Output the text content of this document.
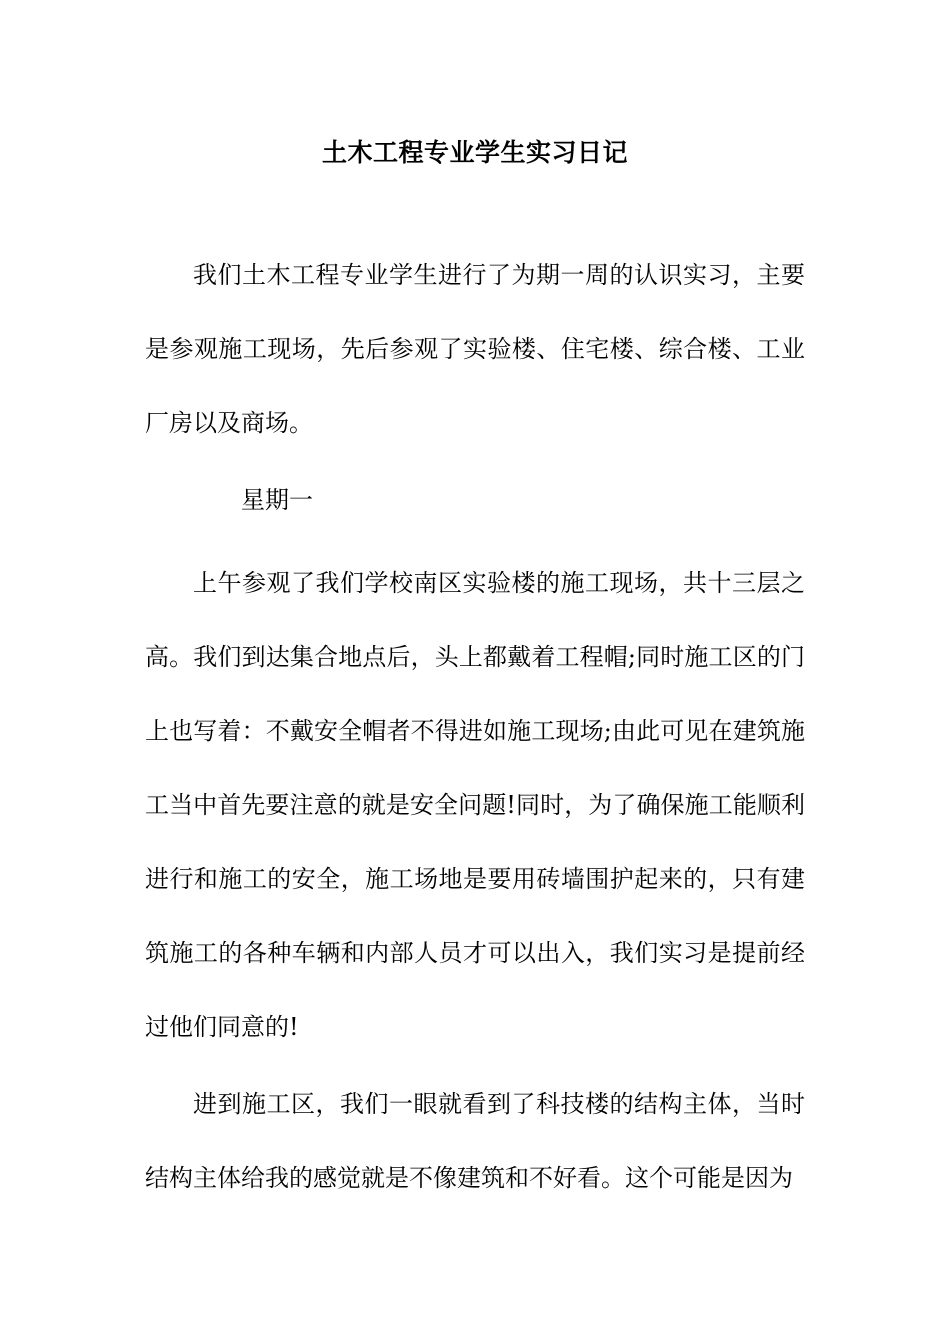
土木工程专业学生实习日记

我们土木工程专业学生进行了为期一周的认识实习，主要是参观施工现场，先后参观了实验楼、住宅楼、综合楼、工业厂房以及商场。

星期一

上午参观了我们学校南区实验楼的施工现场，共十三层之高。我们到达集合地点后，头上都戴着工程帽;同时施工区的门上也写着：不戴安全帽者不得进如施工现场;由此可见在建筑施工当中首先要注意的就是安全问题!同时，为了确保施工能顺利进行和施工的安全，施工场地是要用砖墙围护起来的，只有建筑施工的各种车辆和内部人员才可以出入，我们实习是提前经过他们同意的!

进到施工区，我们一眼就看到了科技楼的结构主体，当时结构主体给我的感觉就是不像建筑和不好看。这个可能是因为
